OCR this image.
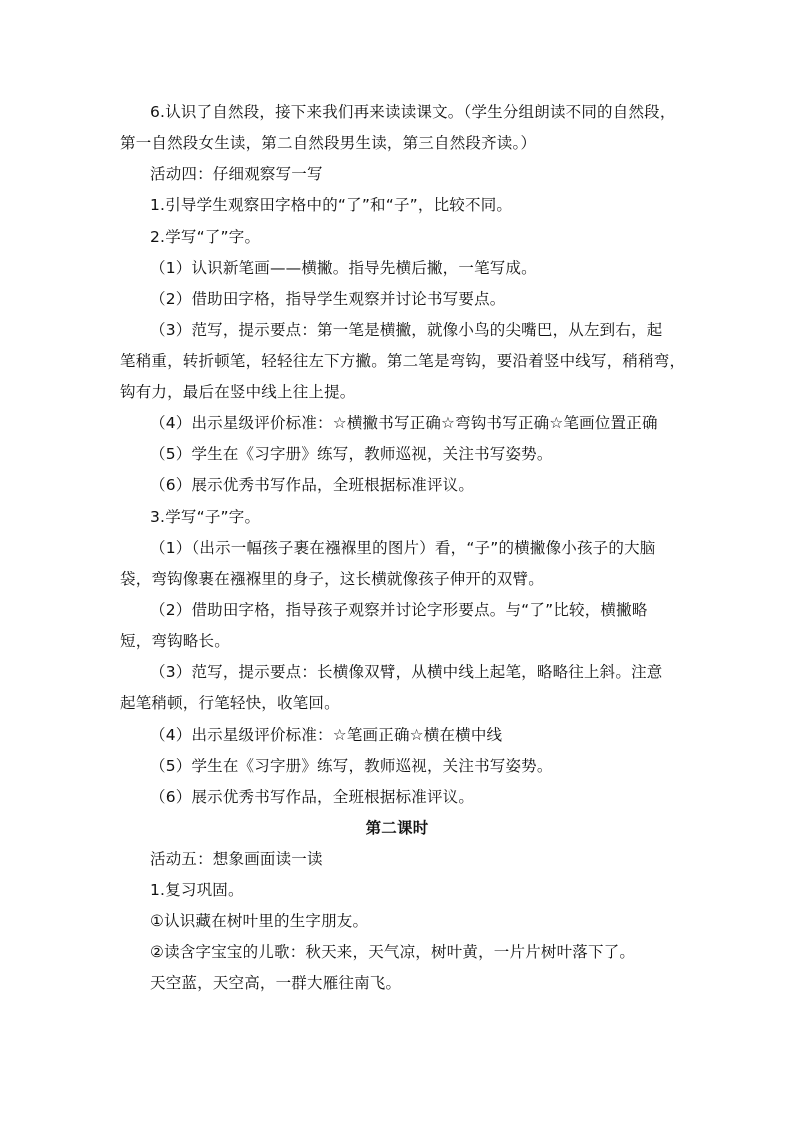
6.认识了自然段，接下来我们再来读读课文。（学生分组朗读不同的自然段，
第一自然段女生读，第二自然段男生读，第三自然段齐读。）
活动四：仔细观察写一写
1.引导学生观察田字格中的“了”和“子”，比较不同。
2.学写“了”字。
（1）认识新笔画——横撇。指导先横后撇，一笔写成。
（2）借助田字格，指导学生观察并讨论书写要点。
（3）范写，提示要点：第一笔是横撇，就像小鸟的尖嘴巴，从左到右，起
笔稍重，转折顿笔，轻轻往左下方撇。第二笔是弯钩，要沿着竖中线写，稍稍弯，
钩有力，最后在竖中线上往上提。
（4）出示星级评价标准：☆横撇书写正确☆弯钩书写正确☆笔画位置正确
（5）学生在《习字册》练写，教师巡视，关注书写姿势。
（6）展示优秀书写作品，全班根据标准评议。
3.学写“子”字。
（1）（出示一幅孩子裹在襁褓里的图片）看，“子”的横撇像小孩子的大脑
袋，弯钩像裹在襁褓里的身子，这长横就像孩子伸开的双臂。
（2）借助田字格，指导孩子观察并讨论字形要点。与“了”比较，横撇略
短，弯钩略长。
（3）范写，提示要点：长横像双臂，从横中线上起笔，略略往上斜。注意
起笔稍顿，行笔轻快，收笔回。
（4）出示星级评价标准：☆笔画正确☆横在横中线
（5）学生在《习字册》练写，教师巡视，关注书写姿势。
（6）展示优秀书写作品，全班根据标准评议。
第二课时
活动五：想象画面读一读
1.复习巩固。
①认识藏在树叶里的生字朋友。
②读含字宝宝的儿歌：秋天来，天气凉，树叶黄，一片片树叶落下了。
天空蓝，天空高，一群大雁往南飞。
